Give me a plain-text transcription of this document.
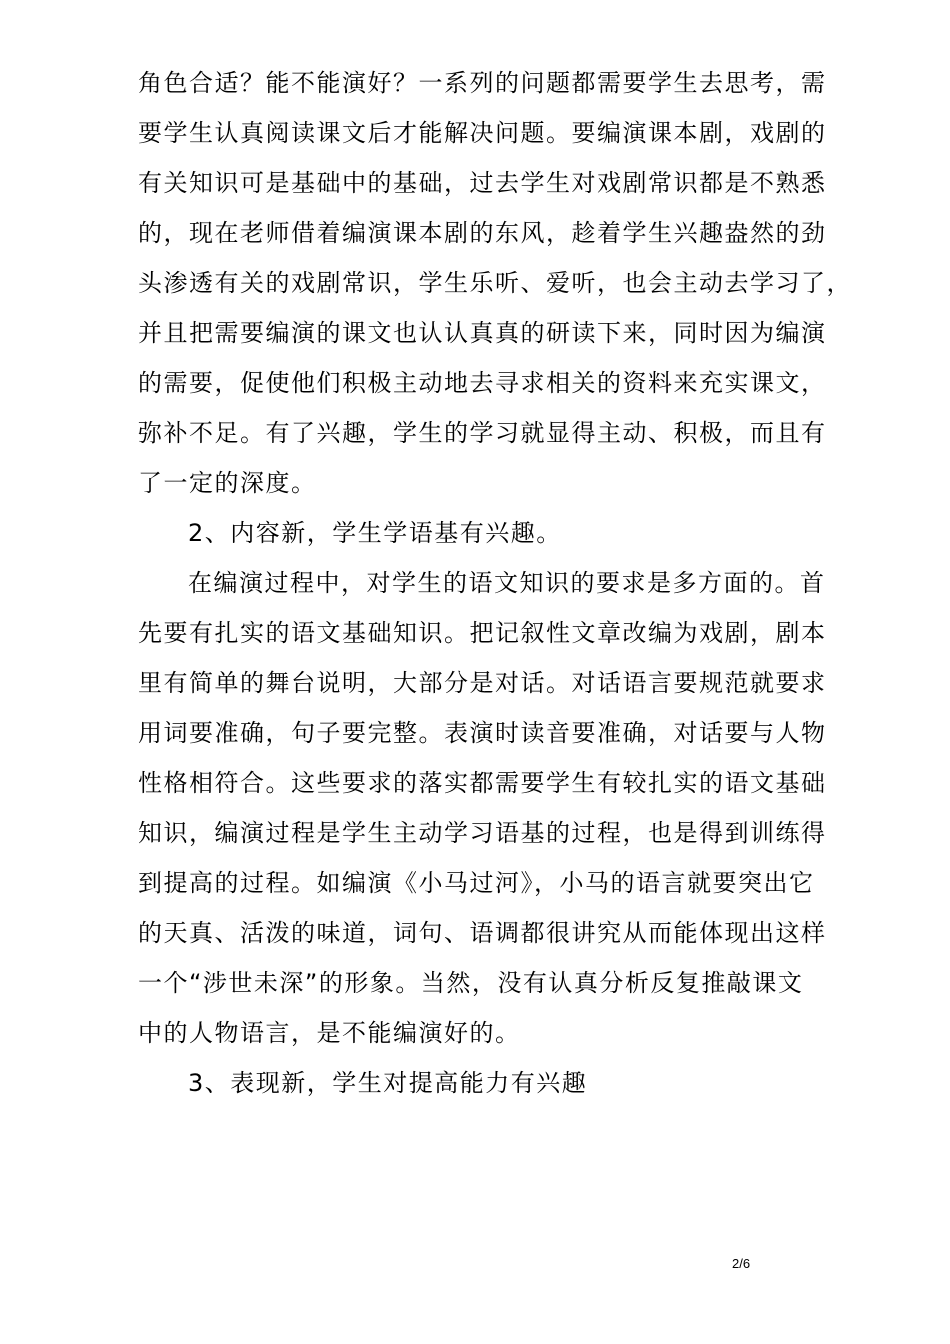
角色合适？能不能演好？一系列的问题都需要学生去思考，需
要学生认真阅读课文后才能解决问题。要编演课本剧，戏剧的
有关知识可是基础中的基础，过去学生对戏剧常识都是不熟悉
的，现在老师借着编演课本剧的东风，趁着学生兴趣盎然的劲
头渗透有关的戏剧常识，学生乐听、爱听，也会主动去学习了，
并且把需要编演的课文也认认真真的研读下来，同时因为编演
的需要，促使他们积极主动地去寻求相关的资料来充实课文，
弥补不足。有了兴趣，学生的学习就显得主动、积极，而且有
了一定的深度。
2、内容新，学生学语基有兴趣。
在编演过程中，对学生的语文知识的要求是多方面的。首
先要有扎实的语文基础知识。把记叙性文章改编为戏剧，剧本
里有简单的舞台说明，大部分是对话。对话语言要规范就要求
用词要准确，句子要完整。表演时读音要准确，对话要与人物
性格相符合。这些要求的落实都需要学生有较扎实的语文基础
知识，编演过程是学生主动学习语基的过程，也是得到训练得
到提高的过程。如编演《小马过河》，小马的语言就要突出它
的天真、活泼的味道，词句、语调都很讲究从而能体现出这样
一个“涉世未深”的形象。当然，没有认真分析反复推敲课文
中的人物语言，是不能编演好的。
3、表现新，学生对提高能力有兴趣
2/6
